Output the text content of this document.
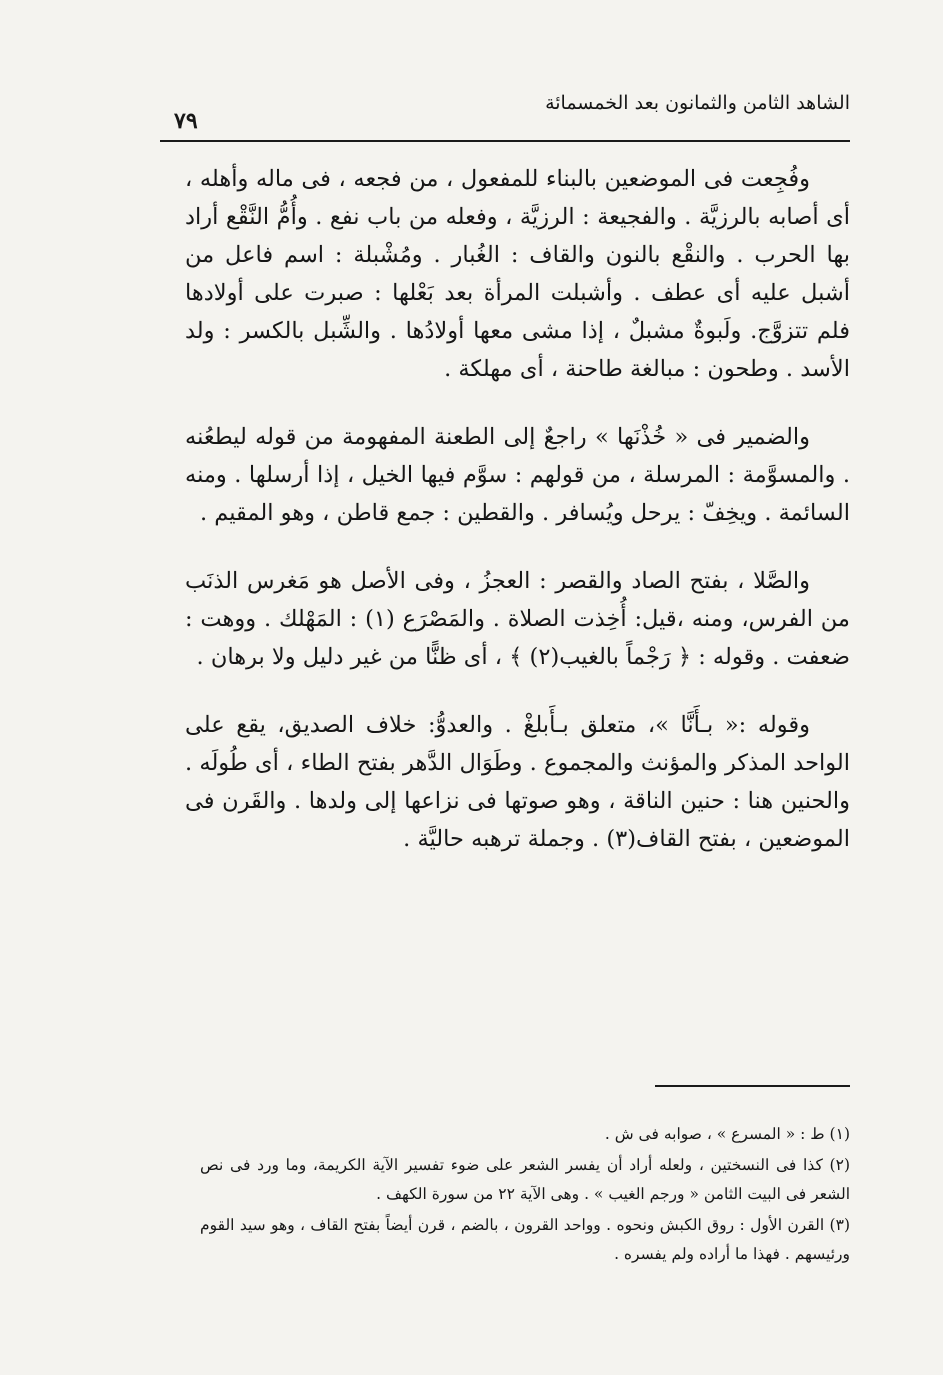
الشاهد الثامن والثمانون بعد الخمسمائة
٧٩

وفُجِعت فى الموضعين بالبناء للمفعول ، من فجعه ، فى ماله وأهله ، أى أصابه بالرزيَّة . والفجيعة : الرزيَّة ، وفعله من باب نفع . وأُمُّ النَّقْع أراد بها الحرب . والنقْع بالنون والقاف : الغُبار . ومُشْبلة : اسم فاعل من أشبل عليه أى عطف . وأشبلت المرأة بعد بَعْلها : صبرت على أولادها فلم تتزوَّج. ولَبوةٌ مشبلٌ ، إذا مشى معها أولادُها . والشِّبل بالكسر : ولد الأسد . وطحون : مبالغة طاحنة ، أى مهلكة .

والضمير فى « خُذْنَها » راجعٌ إلى الطعنة المفهومة من قوله ليطعُنه . والمسوَّمة : المرسلة ، من قولهم : سوَّم فيها الخيل ، إذا أرسلها . ومنه السائمة . ويخِفّ : يرحل ويُسافر . والقطين : جمع قاطن ، وهو المقيم .

والصَّلا ، بفتح الصاد والقصر : العجزُ ، وفى الأصل هو مَغرس الذنَب من الفرس، ومنه ،قيل: أُخِذت الصلاة . والمَصْرَع (١) : المَهْلك . ووهت : ضعفت . وقوله : ﴿ رَجْماً بالغيب(٢) ﴾ ، أى ظنًّا من غير دليل ولا برهان .

وقوله :« بـأَنَّا »، متعلق بـأَبلغْ . والعدوُّ: خلاف الصديق، يقع على الواحد المذكر والمؤنث والمجموع . وطَوَال الدَّهر بفتح الطاء ، أى طُولَه . والحنين هنا : حنين الناقة ، وهو صوتها فى نزاعها إلى ولدها . والقَرن فى الموضعين ، بفتح القاف(٣) . وجملة ترهبه حاليَّة .

(١) ط : « المسرع » ، صوابه فى ش .

(٢) كذا فى النسختين ، ولعله أراد أن يفسر الشعر على ضوء تفسير الآية الكريمة، وما ورد فى نص الشعر فى البيت الثامن « ورجم الغيب » . وهى الآية ٢٢ من سورة الكهف .

(٣) القرن الأول : روق الكبش ونحوه . وواحد القرون ، بالضم ، قرن أيضاً بفتح القاف ، وهو سيد القوم ورئيسهم . فهذا ما أراده ولم يفسره .
